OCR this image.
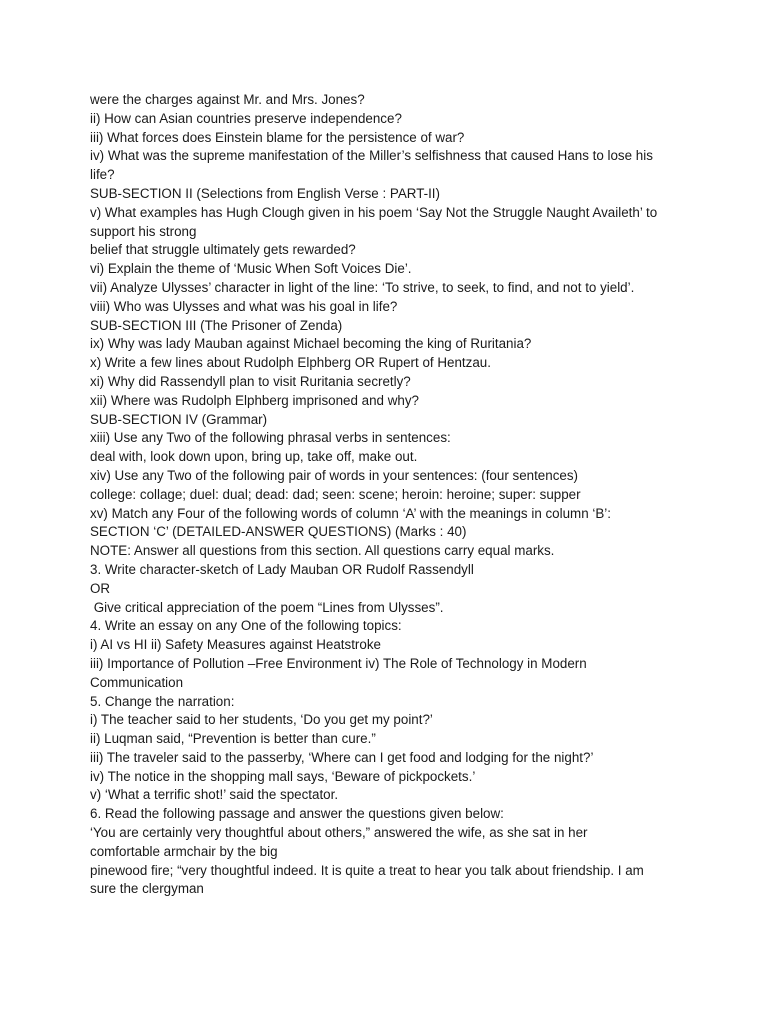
were the charges against Mr. and Mrs. Jones?

ii) How can Asian countries preserve independence?

iii) What forces does Einstein blame for the persistence of war?

iv) What was the supreme manifestation of the Miller’s selfishness that caused Hans to lose his

life?

SUB-SECTION II (Selections from English Verse : PART-II)

v) What examples has Hugh Clough given in his poem ‘Say Not the Struggle Naught Availeth’ to

support his strong

belief that struggle ultimately gets rewarded?

vi) Explain the theme of ‘Music When Soft Voices Die’.

vii) Analyze Ulysses’ character in light of the line: ‘To strive, to seek, to find, and not to yield’.

viii) Who was Ulysses and what was his goal in life?

SUB-SECTION III (The Prisoner of Zenda)

ix) Why was lady Mauban against Michael becoming the king of Ruritania?

x) Write a few lines about Rudolph Elphberg OR Rupert of Hentzau.

xi) Why did Rassendyll plan to visit Ruritania secretly?

xii) Where was Rudolph Elphberg imprisoned and why?

SUB-SECTION IV (Grammar)

xiii) Use any Two of the following phrasal verbs in sentences:

deal with, look down upon, bring up, take off, make out.

xiv) Use any Two of the following pair of words in your sentences: (four sentences)

college: collage; duel: dual; dead: dad; seen: scene; heroin: heroine; super: supper

xv) Match any Four of the following words of column ‘A’ with the meanings in column ‘B’:

SECTION ‘C’ (DETAILED-ANSWER QUESTIONS) (Marks : 40)

NOTE: Answer all questions from this section. All questions carry equal marks.

3. Write character-sketch of Lady Mauban OR Rudolf Rassendyll

OR

Give critical appreciation of the poem “Lines from Ulysses”.

4. Write an essay on any One of the following topics:

i) AI vs HI ii) Safety Measures against Heatstroke

iii) Importance of Pollution –Free Environment iv) The Role of Technology in Modern

Communication

5. Change the narration:

i) The teacher said to her students, ‘Do you get my point?’

ii) Luqman said, “Prevention is better than cure.”

iii) The traveler said to the passerby, ‘Where can I get food and lodging for the night?’

iv) The notice in the shopping mall says, ‘Beware of pickpockets.’

v) ‘What a terrific shot!’ said the spectator.

6. Read the following passage and answer the questions given below:

‘You are certainly very thoughtful about others,” answered the wife, as she sat in her

comfortable armchair by the big

pinewood fire; “very thoughtful indeed. It is quite a treat to hear you talk about friendship. I am

sure the clergyman
